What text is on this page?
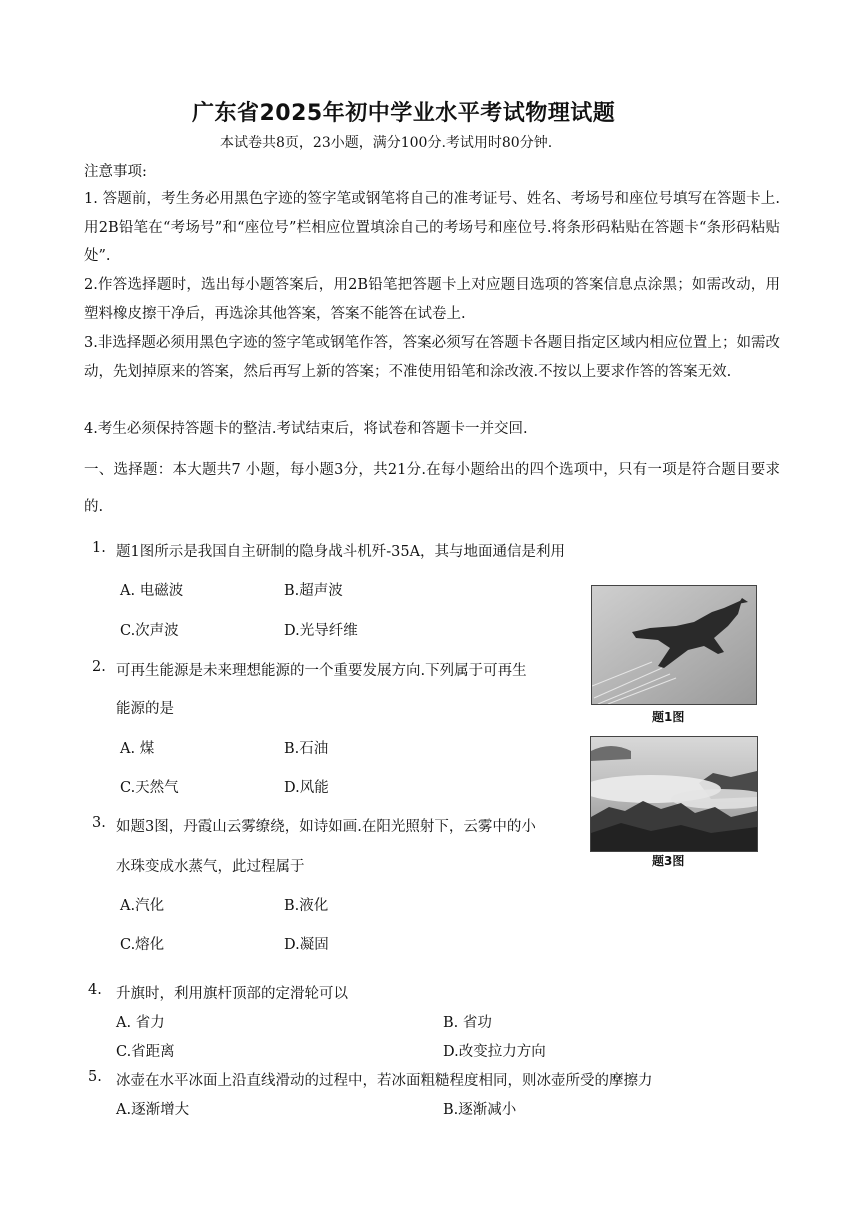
广东省2025年初中学业水平考试物理试题
本试卷共8页，23小题，满分100分.考试用时80分钟.
注意事项:
1. 答题前，考生务必用黑色字迹的签字笔或钢笔将自己的准考证号、姓名、考场号和座位号填写在答题卡上.用2B铅笔在“考场号”和“座位号”栏相应位置填涂自己的考场号和座位号.将条形码粘贴在答题卡“条形码粘贴处”.
2.作答选择题时，选出每小题答案后，用2B铅笔把答题卡上对应题目选项的答案信息点涂黑；如需改动，用塑料橡皮擦干净后，再选涂其他答案，答案不能答在试卷上.
3.非选择题必须用黑色字迹的签字笔或钢笔作答，答案必须写在答题卡各题目指定区域内相应位置上；如需改动，先划掉原来的答案，然后再写上新的答案；不准使用铅笔和涂改液.不按以上要求作答的答案无效.
4.考生必须保持答题卡的整洁.考试结束后，将试卷和答题卡一并交回.
一、选择题：本大题共7 小题，每小题3分，共21分.在每小题给出的四个选项中，只有一项是符合题目要求的.
1. 题1图所示是我国自主研制的隐身战斗机歼-35A，其与地面通信是利用
A. 电磁波	B.超声波
C.次声波	D.光导纤维
2. 可再生能源是未来理想能源的一个重要发展方向.下列属于可再生
能源的是
A. 煤	B.石油
C.天然气	D.风能
3. 如题3图，丹霞山云雾缭绕，如诗如画.在阳光照射下，云雾中的小
水珠变成水蒸气，此过程属于
A.汽化	B.液化
C.熔化	D.凝固
4. 升旗时，利用旗杆顶部的定滑轮可以
A. 省力	B. 省功
C.省距离	D.改变拉力方向
5. 冰壶在水平冰面上沿直线滑动的过程中，若冰面粗糙程度相同，则冰壶所受的摩擦力
A.逐渐增大	B.逐渐减小
题1图
题3图
